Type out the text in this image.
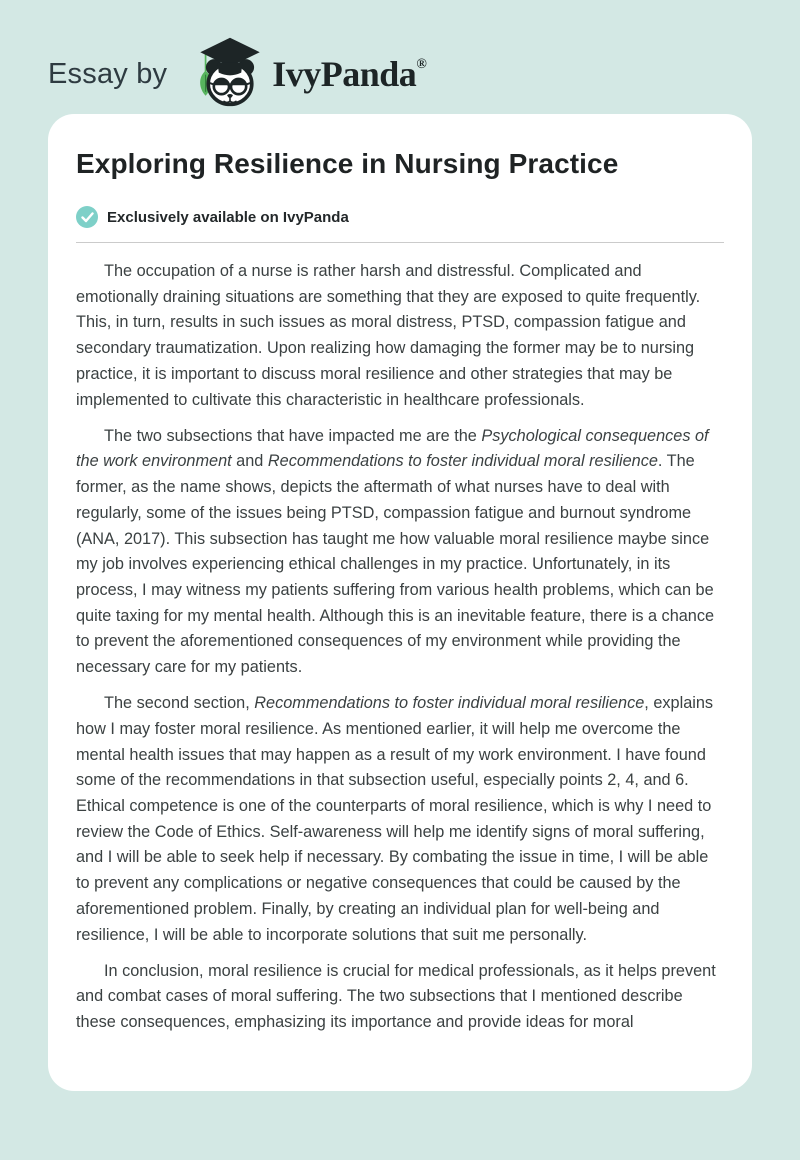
Essay by	IvyPanda®
Exploring Resilience in Nursing Practice
Exclusively available on IvyPanda

The occupation of a nurse is rather harsh and distressful. Complicated and emotionally draining situations are something that they are exposed to quite frequently. This, in turn, results in such issues as moral distress, PTSD, compassion fatigue and secondary traumatization. Upon realizing how damaging the former may be to nursing practice, it is important to discuss moral resilience and other strategies that may be implemented to cultivate this characteristic in healthcare professionals.

The two subsections that have impacted me are the Psychological consequences of the work environment and Recommendations to foster individual moral resilience. The former, as the name shows, depicts the aftermath of what nurses have to deal with regularly, some of the issues being PTSD, compassion fatigue and burnout syndrome (ANA, 2017). This subsection has taught me how valuable moral resilience maybe since my job involves experiencing ethical challenges in my practice. Unfortunately, in its process, I may witness my patients suffering from various health problems, which can be quite taxing for my mental health. Although this is an inevitable feature, there is a chance to prevent the aforementioned consequences of my environment while providing the necessary care for my patients.

The second section, Recommendations to foster individual moral resilience, explains how I may foster moral resilience. As mentioned earlier, it will help me overcome the mental health issues that may happen as a result of my work environment. I have found some of the recommendations in that subsection useful, especially points 2, 4, and 6. Ethical competence is one of the counterparts of moral resilience, which is why I need to review the Code of Ethics. Self-awareness will help me identify signs of moral suffering, and I will be able to seek help if necessary. By combating the issue in time, I will be able to prevent any complications or negative consequences that could be caused by the aforementioned problem. Finally, by creating an individual plan for well-being and resilience, I will be able to incorporate solutions that suit me personally.

In conclusion, moral resilience is crucial for medical professionals, as it helps prevent and combat cases of moral suffering. The two subsections that I mentioned describe these consequences, emphasizing its importance and provide ideas for moral
